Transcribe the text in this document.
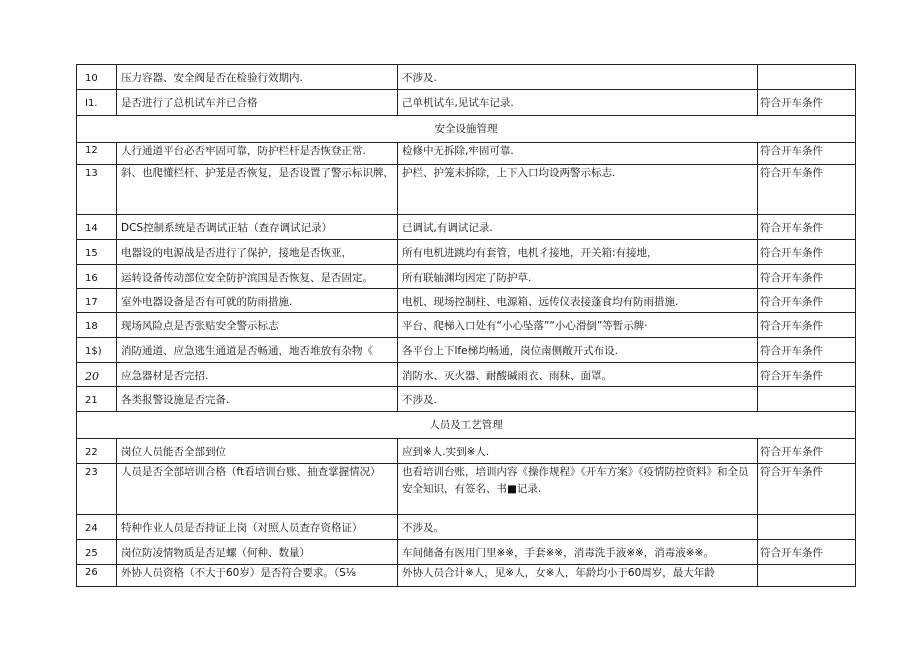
10	压力容器、安全阀是否在检验行效期内.	不涉及.	
I1.	是否进行了总机试车并已合格	己单机试车,见试车记录.	符合开车条件
安全设施管理			
12	人行通道平台必否牢固可靠，防护栏杆是否恢登正常.	检修中无拆除,牢固可靠.	符合开车条件
13	斜、也爬懂栏杆、护茏是否恢复，是否设置了警示标识牌，	护栏、护笼未拆除，上下入口均设两警示标志.	符合开车条件
14	DCS控制系统是否调试正轱（查存调试记录）	已调试,有调试记录.	符合开车条件
15	电器设的电源战是否进行了保护，接地是否恢亚，	所有电机进跳均有套管，电机彳接地，开关箱:有接地，	符合开车条件
16	运转设备传动部位安全防护滨国是否恢复、是否固定。	所有联轴渊均因定了防护草.	符合开车条件
17	室外电器设备是否有可就的防雨措施.	电机、现场控制柱、电源箱、远传仪表接蓬食均有防雨措施.	符合开车条件
18	现场风险点是否张贴安全警示标志	平台、爬梯入口处有“小心坠落”“小心滑倒”等暂示牌·	符合开车条件
1$)	消防通道、应急逃生通道是否畅通，地否堆放有杂物《	各平台上下lfe梯均畅通，岗位南侧敞开式布设.	符合开车条件
20	应急器材是否完招.	消防水、灭火器、耐酸碱雨衣、雨秣、面罩。	符合开车条件
21	各类报警设施是否完备.	不涉及.	
人员及工艺管理			
22	岗位人员能否全部到位	应到※人.实到※人.	符合开车条件
23	人员是否全部培训合格（ft看培训台账、抽查掌握情况）	也看培训台账，培训内容《操作规程》《开车方案》《疫情防控资料》和全员安全知识，有签名、书■记录.	符合开车条件
24	特种作业人员是否持证上岗（对照人员查存资格证）	不涉及。	
25	岗位防凌情物质是否足螺（何种、数量）	车间储备有医用门里※※，手套※※，消毒洗手液※※，消毒液※※。	符合开车条件
26	外协人员资格（不大于60岁）是否符合要求。（S⅛	外协人员合计※人，见※人，女※人，年龄均小于60周岁，最大年龄	
